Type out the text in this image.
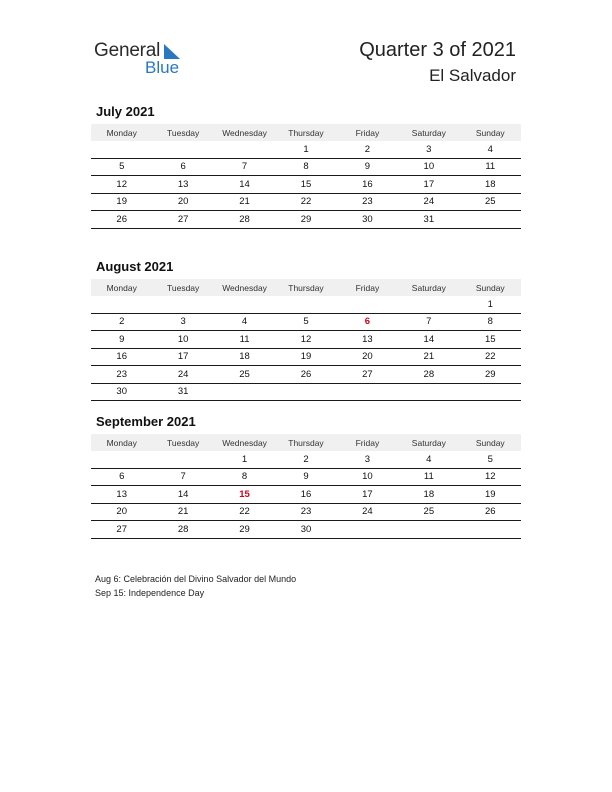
General
Blue
Quarter 3 of 2021
El Salvador
July 2021
Monday	Tuesday	Wednesday	Thursday	Friday	Saturday	Sunday
			1	2	3	4
5	6	7	8	9	10	11
12	13	14	15	16	17	18
19	20	21	22	23	24	25
26	27	28	29	30	31	
August 2021
Monday	Tuesday	Wednesday	Thursday	Friday	Saturday	Sunday
						1
2	3	4	5	6	7	8
9	10	11	12	13	14	15
16	17	18	19	20	21	22
23	24	25	26	27	28	29
30	31					
September 2021
Monday	Tuesday	Wednesday	Thursday	Friday	Saturday	Sunday
		1	2	3	4	5
6	7	8	9	10	11	12
13	14	15	16	17	18	19
20	21	22	23	24	25	26
27	28	29	30			
Aug 6: Celebración del Divino Salvador del Mundo
Sep 15: Independence Day
